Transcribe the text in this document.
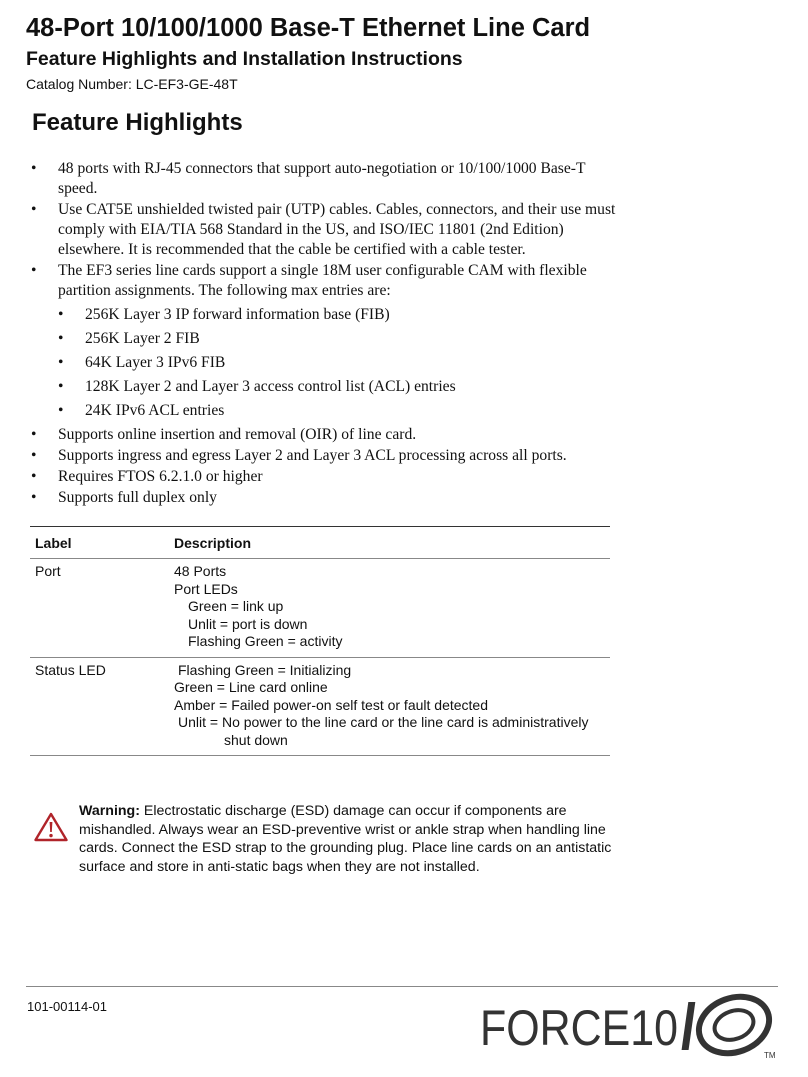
48-Port 10/100/1000 Base-T Ethernet Line Card
Feature Highlights and Installation Instructions
Catalog Number: LC-EF3-GE-48T
Feature Highlights
• 48 ports with RJ-45 connectors that support auto-negotiation or 10/100/1000 Base-T speed.
• Use CAT5E unshielded twisted pair (UTP) cables. Cables, connectors, and their use must comply with EIA/TIA 568 Standard in the US, and ISO/IEC 11801 (2nd Edition) elsewhere. It is recommended that the cable be certified with a cable tester.
• The EF3 series line cards support a single 18M user configurable CAM with flexible partition assignments. The following max entries are:
• 256K Layer 3 IP forward information base (FIB)
• 256K Layer 2 FIB
• 64K Layer 3 IPv6 FIB
• 128K Layer 2 and Layer 3 access control list (ACL) entries
• 24K IPv6 ACL entries
• Supports online insertion and removal (OIR) of line card.
• Supports ingress and egress Layer 2 and Layer 3 ACL processing across all ports.
• Requires FTOS 6.2.1.0 or higher
• Supports full duplex only
Label	Description
Port	48 Ports
Port LEDs
Green = link up
Unlit = port is down
Flashing Green = activity
Status LED	Flashing Green = Initializing
Green = Line card online
Amber = Failed power-on self test or fault detected
Unlit = No power to the line card or the line card is administratively shut down
Warning: Electrostatic discharge (ESD) damage can occur if components are mishandled. Always wear an ESD-preventive wrist or ankle strap when handling line cards. Connect the ESD strap to the grounding plug. Place line cards on an antistatic surface and store in anti-static bags when they are not installed.
101-00114-01	FORCE10	TM
